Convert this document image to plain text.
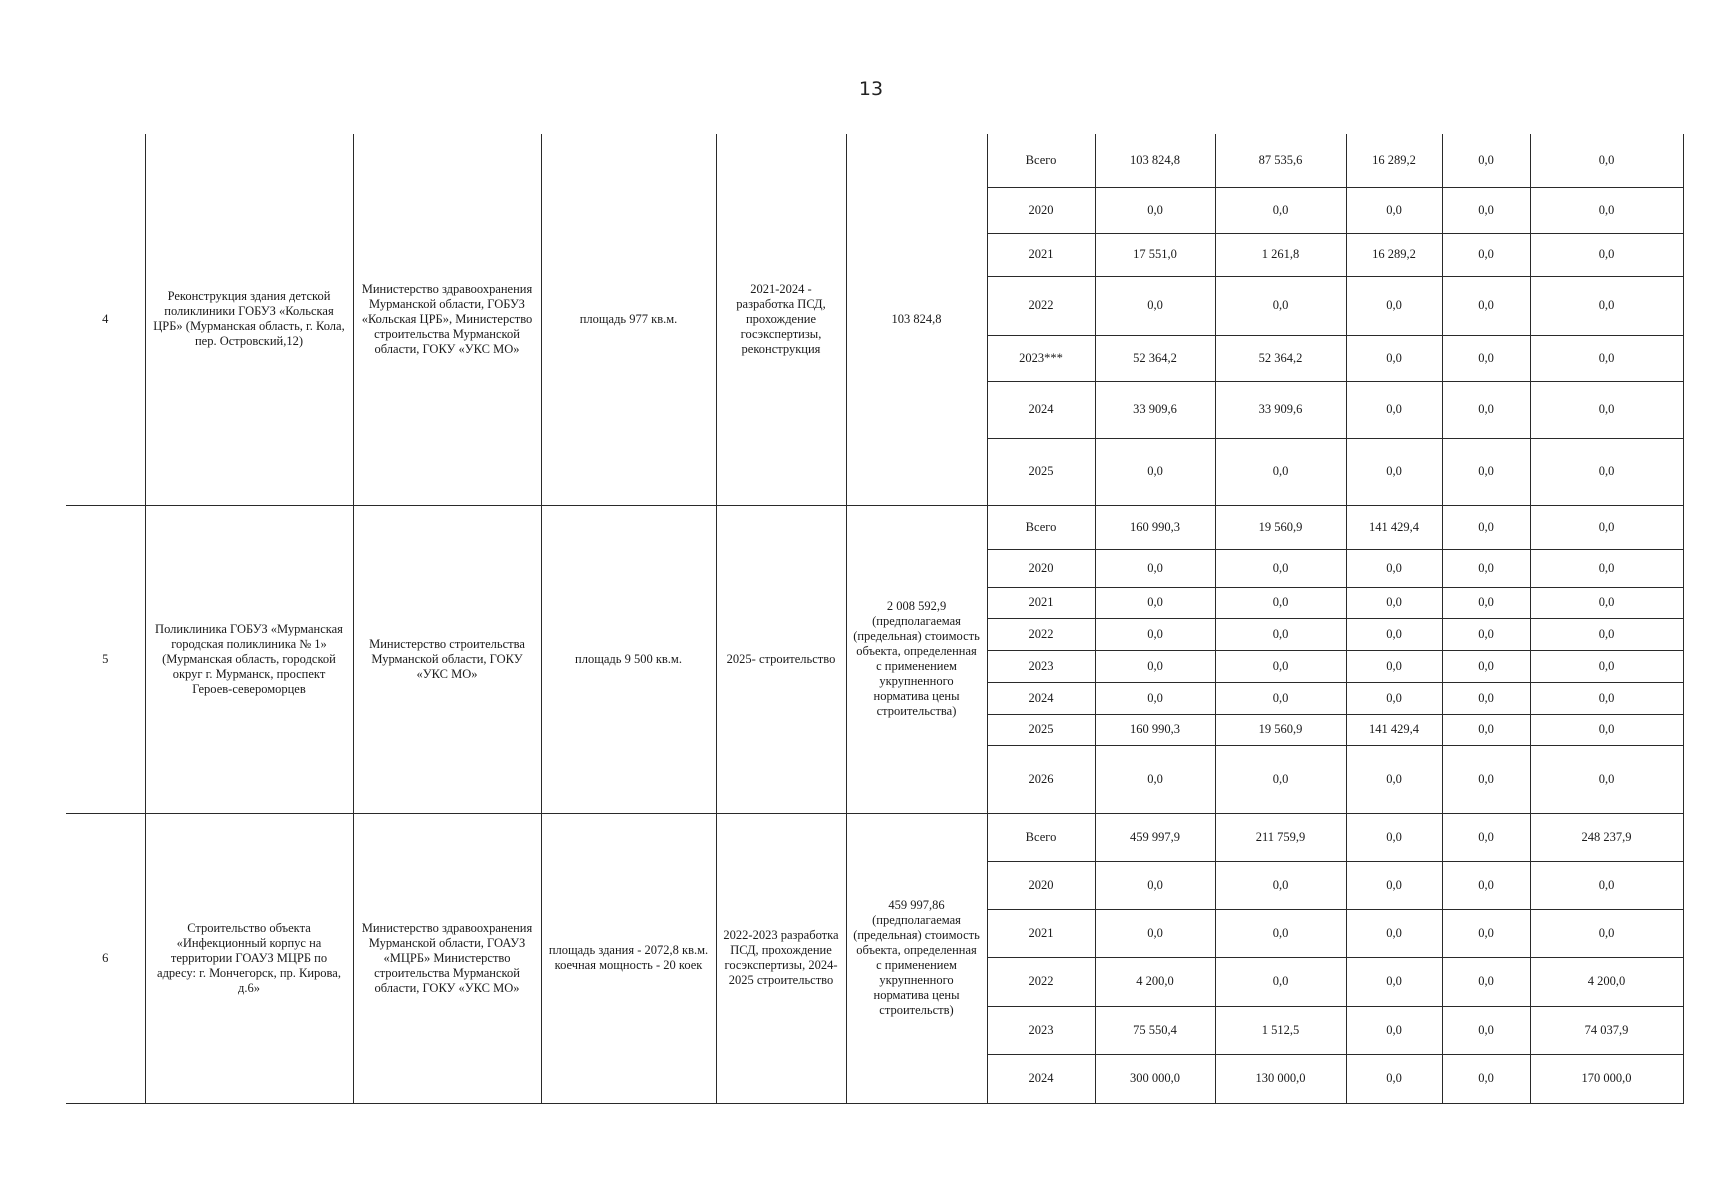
13
4	Реконструкция здания детской поликлиники ГОБУЗ «Кольская ЦРБ» (Мурманская область, г. Кола, пер. Островский,12)	Министерство здравоохранения Мурманской области, ГОБУЗ «Кольская ЦРБ», Министерство строительства Мурманской области, ГОКУ «УКС МО»	площадь 977 кв.м.	2021-2024 - разработка ПСД, прохождение госэкспертизы, реконструкция	103 824,8	Всего	103 824,8	87 535,6	16 289,2	0,0	0,0
						2020	0,0	0,0	0,0	0,0	0,0
						2021	17 551,0	1 261,8	16 289,2	0,0	0,0
						2022	0,0	0,0	0,0	0,0	0,0
						2023***	52 364,2	52 364,2	0,0	0,0	0,0
						2024	33 909,6	33 909,6	0,0	0,0	0,0
						2025	0,0	0,0	0,0	0,0	0,0
5	Поликлиника ГОБУЗ «Мурманская городская поликлиника № 1» (Мурманская область, городской округ г. Мурманск, проспект Героев-североморцев	Министерство строительства Мурманской области, ГОКУ «УКС МО»	площадь 9 500 кв.м.	2025- строительство	2 008 592,9 (предполагаемая (предельная) стоимость объекта, определенная с применением укрупненного норматива цены строительства)	Всего	160 990,3	19 560,9	141 429,4	0,0	0,0
						2020	0,0	0,0	0,0	0,0	0,0
						2021	0,0	0,0	0,0	0,0	0,0
						2022	0,0	0,0	0,0	0,0	0,0
						2023	0,0	0,0	0,0	0,0	0,0
						2024	0,0	0,0	0,0	0,0	0,0
						2025	160 990,3	19 560,9	141 429,4	0,0	0,0
						2026	0,0	0,0	0,0	0,0	0,0
6	Строительство объекта «Инфекционный корпус на территории ГОАУЗ МЦРБ по адресу: г. Мончегорск, пр. Кирова, д.6»	Министерство здравоохранения Мурманской области, ГОАУЗ «МЦРБ» Министерство строительства Мурманской области, ГОКУ «УКС МО»	площадь здания - 2072,8 кв.м. коечная мощность - 20 коек	2022-2023 разработка ПСД, прохождение госэкспертизы, 2024-2025 строительство	459 997,86 (предполагаемая (предельная) стоимость объекта, определенная с применением укрупненного норматива цены строительств)	Всего	459 997,9	211 759,9	0,0	0,0	248 237,9
						2020	0,0	0,0	0,0	0,0	0,0
						2021	0,0	0,0	0,0	0,0	0,0
						2022	4 200,0	0,0	0,0	0,0	4 200,0
						2023	75 550,4	1 512,5	0,0	0,0	74 037,9
						2024	300 000,0	130 000,0	0,0	0,0	170 000,0
